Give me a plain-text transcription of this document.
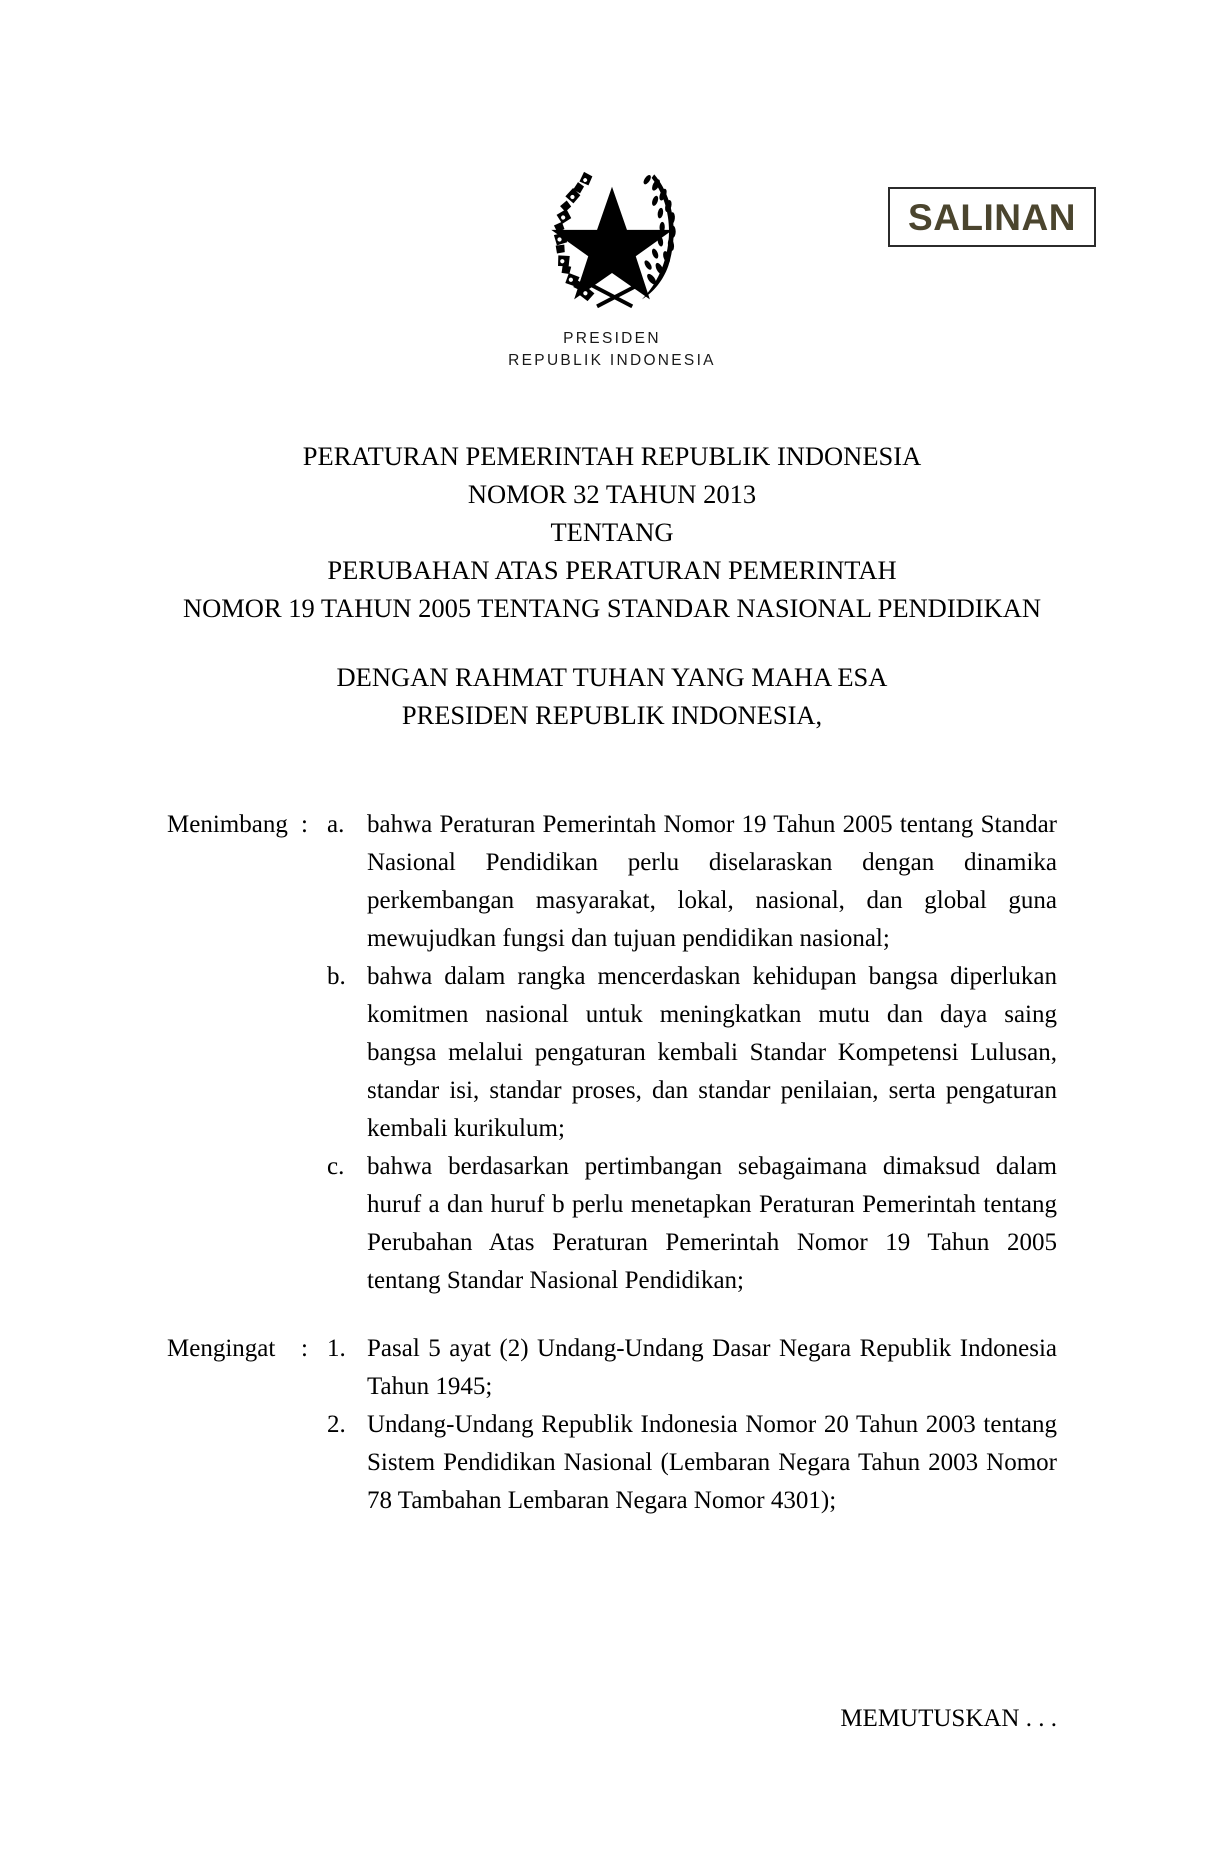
SALINAN
PRESIDEN
REPUBLIK INDONESIA
PERATURAN PEMERINTAH REPUBLIK INDONESIA
NOMOR 32 TAHUN 2013
TENTANG
PERUBAHAN ATAS PERATURAN PEMERINTAH
NOMOR 19 TAHUN 2005 TENTANG STANDAR NASIONAL PENDIDIKAN
DENGAN RAHMAT TUHAN YANG MAHA ESA
PRESIDEN REPUBLIK INDONESIA,
Menimbang : a. bahwa Peraturan Pemerintah Nomor 19 Tahun 2005 tentang Standar Nasional Pendidikan perlu diselaraskan dengan dinamika perkembangan masyarakat, lokal, nasional, dan global guna mewujudkan fungsi dan tujuan pendidikan nasional;
b. bahwa dalam rangka mencerdaskan kehidupan bangsa diperlukan komitmen nasional untuk meningkatkan mutu dan daya saing bangsa melalui pengaturan kembali Standar Kompetensi Lulusan, standar isi, standar proses, dan standar penilaian, serta pengaturan kembali kurikulum;
c. bahwa berdasarkan pertimbangan sebagaimana dimaksud dalam huruf a dan huruf b perlu menetapkan Peraturan Pemerintah tentang Perubahan Atas Peraturan Pemerintah Nomor 19 Tahun 2005 tentang Standar Nasional Pendidikan;
Mengingat	: 1. Pasal 5 ayat (2) Undang-Undang Dasar Negara Republik Indonesia Tahun 1945;
2. Undang-Undang Republik Indonesia Nomor 20 Tahun 2003 tentang Sistem Pendidikan Nasional (Lembaran Negara Tahun 2003 Nomor 78 Tambahan Lembaran Negara Nomor 4301);
MEMUTUSKAN . . .
